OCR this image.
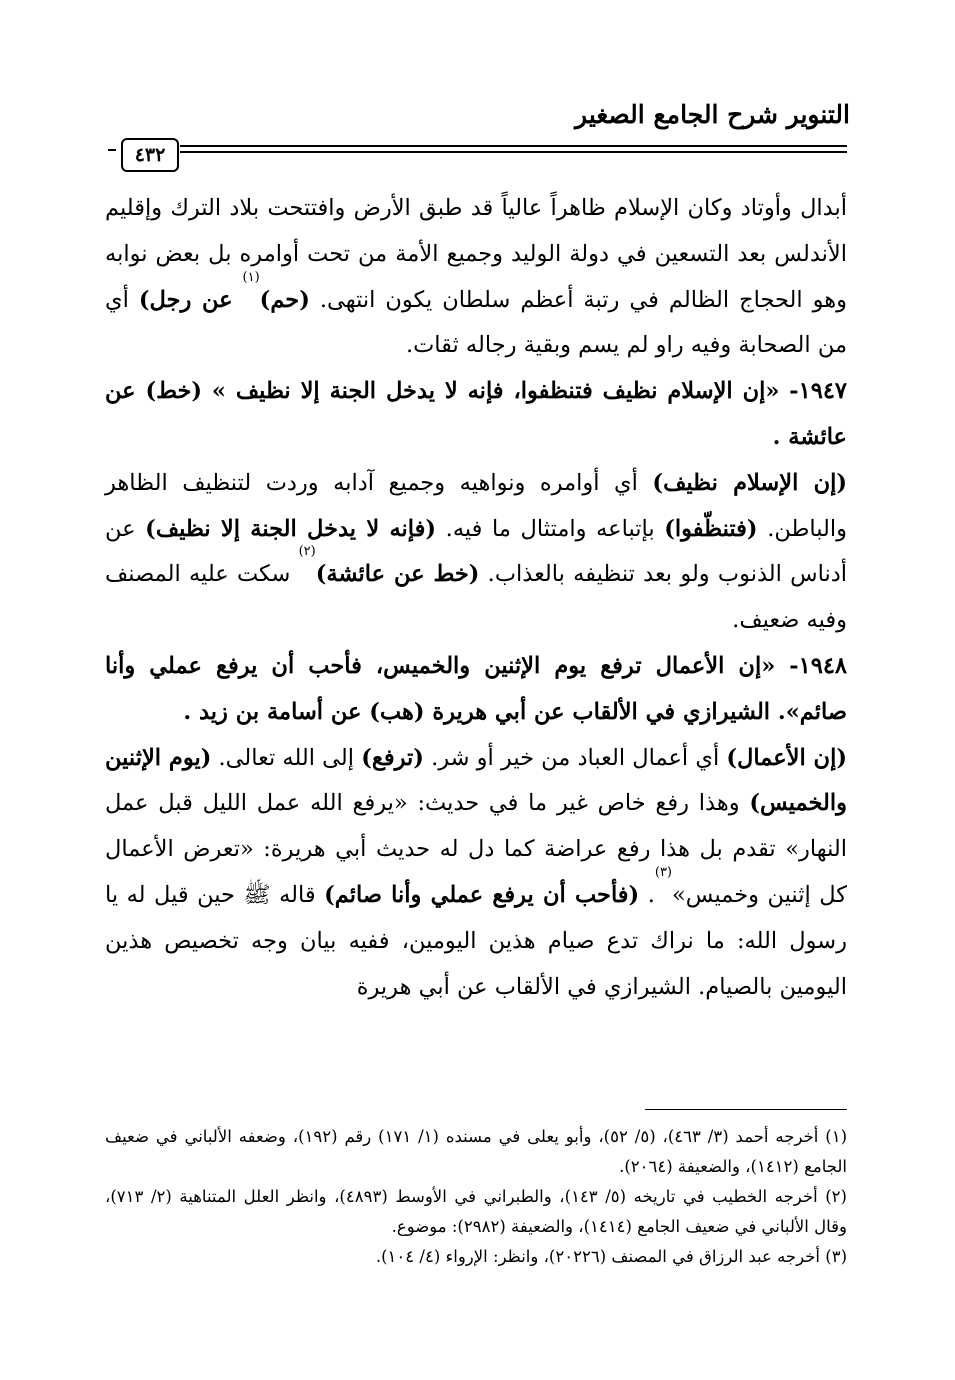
التنوير شرح الجامع الصغير
٤٣٢

أبدال وأوتاد وكان الإسلام ظاهراً عالياً قد طبق الأرض وافتتحت بلاد الترك وإقليم الأندلس بعد التسعين في دولة الوليد وجميع الأمة من تحت أوامره بل بعض نوابه وهو الحجاج الظالم في رتبة أعظم سلطان يكون انتهى. (حم)$^{(١)}$ عن رجل) أي من الصحابة وفيه راو لم يسم وبقية رجاله ثقات.

١٩٤٧- «إن الإسلام نظيف فتنظفوا، فإنه لا يدخل الجنة إلا نظيف » (خط) عن عائشة .

(إن الإسلام نظيف) أي أوامره ونواهيه وجميع آدابه وردت لتنظيف الظاهر والباطن. (فتنظّفوا) بإتباعه وامتثال ما فيه. (فإنه لا يدخل الجنة إلا نظيف) عن أدناس الذنوب ولو بعد تنظيفه بالعذاب. (خط عن عائشة)$^{(٢)}$ سكت عليه المصنف وفيه ضعيف.

١٩٤٨- «إن الأعمال ترفع يوم الإثنين والخميس، فأحب أن يرفع عملي وأنا صائم». الشيرازي في الألقاب عن أبي هريرة (هب) عن أسامة بن زيد .

(إن الأعمال) أي أعمال العباد من خير أو شر. (ترفع) إلى الله تعالى. (يوم الإثنين والخميس) وهذا رفع خاص غير ما في حديث: «يرفع الله عمل الليل قبل عمل النهار» تقدم بل هذا رفع عراضة كما دل له حديث أبي هريرة: «تعرض الأعمال كل إثنين وخميس»$^{(٣)}$. (فأحب أن يرفع عملي وأنا صائم) قاله ﷺ حين قيل له يا رسول الله: ما نراك تدع صيام هذين اليومين، ففيه بيان وجه تخصيص هذين اليومين بالصيام. الشيرازي في الألقاب عن أبي هريرة

(١) أخرجه أحمد (٣/ ٤٦٣)، (٥/ ٥٢)، وأبو يعلى في مسنده (١/ ١٧١) رقم (١٩٢)، وضعفه الألباني في ضعيف الجامع (١٤١٢)، والضعيفة (٢٠٦٤).

(٢) أخرجه الخطيب في تاريخه (٥/ ١٤٣)، والطبراني في الأوسط (٤٨٩٣)، وانظر العلل المتناهية (٢/ ٧١٣)، وقال الألباني في ضعيف الجامع (١٤١٤)، والضعيفة (٢٩٨٢): موضوع.

(٣) أخرجه عبد الرزاق في المصنف (٢٠٢٢٦)، وانظر: الإرواء (٤/ ١٠٤).
